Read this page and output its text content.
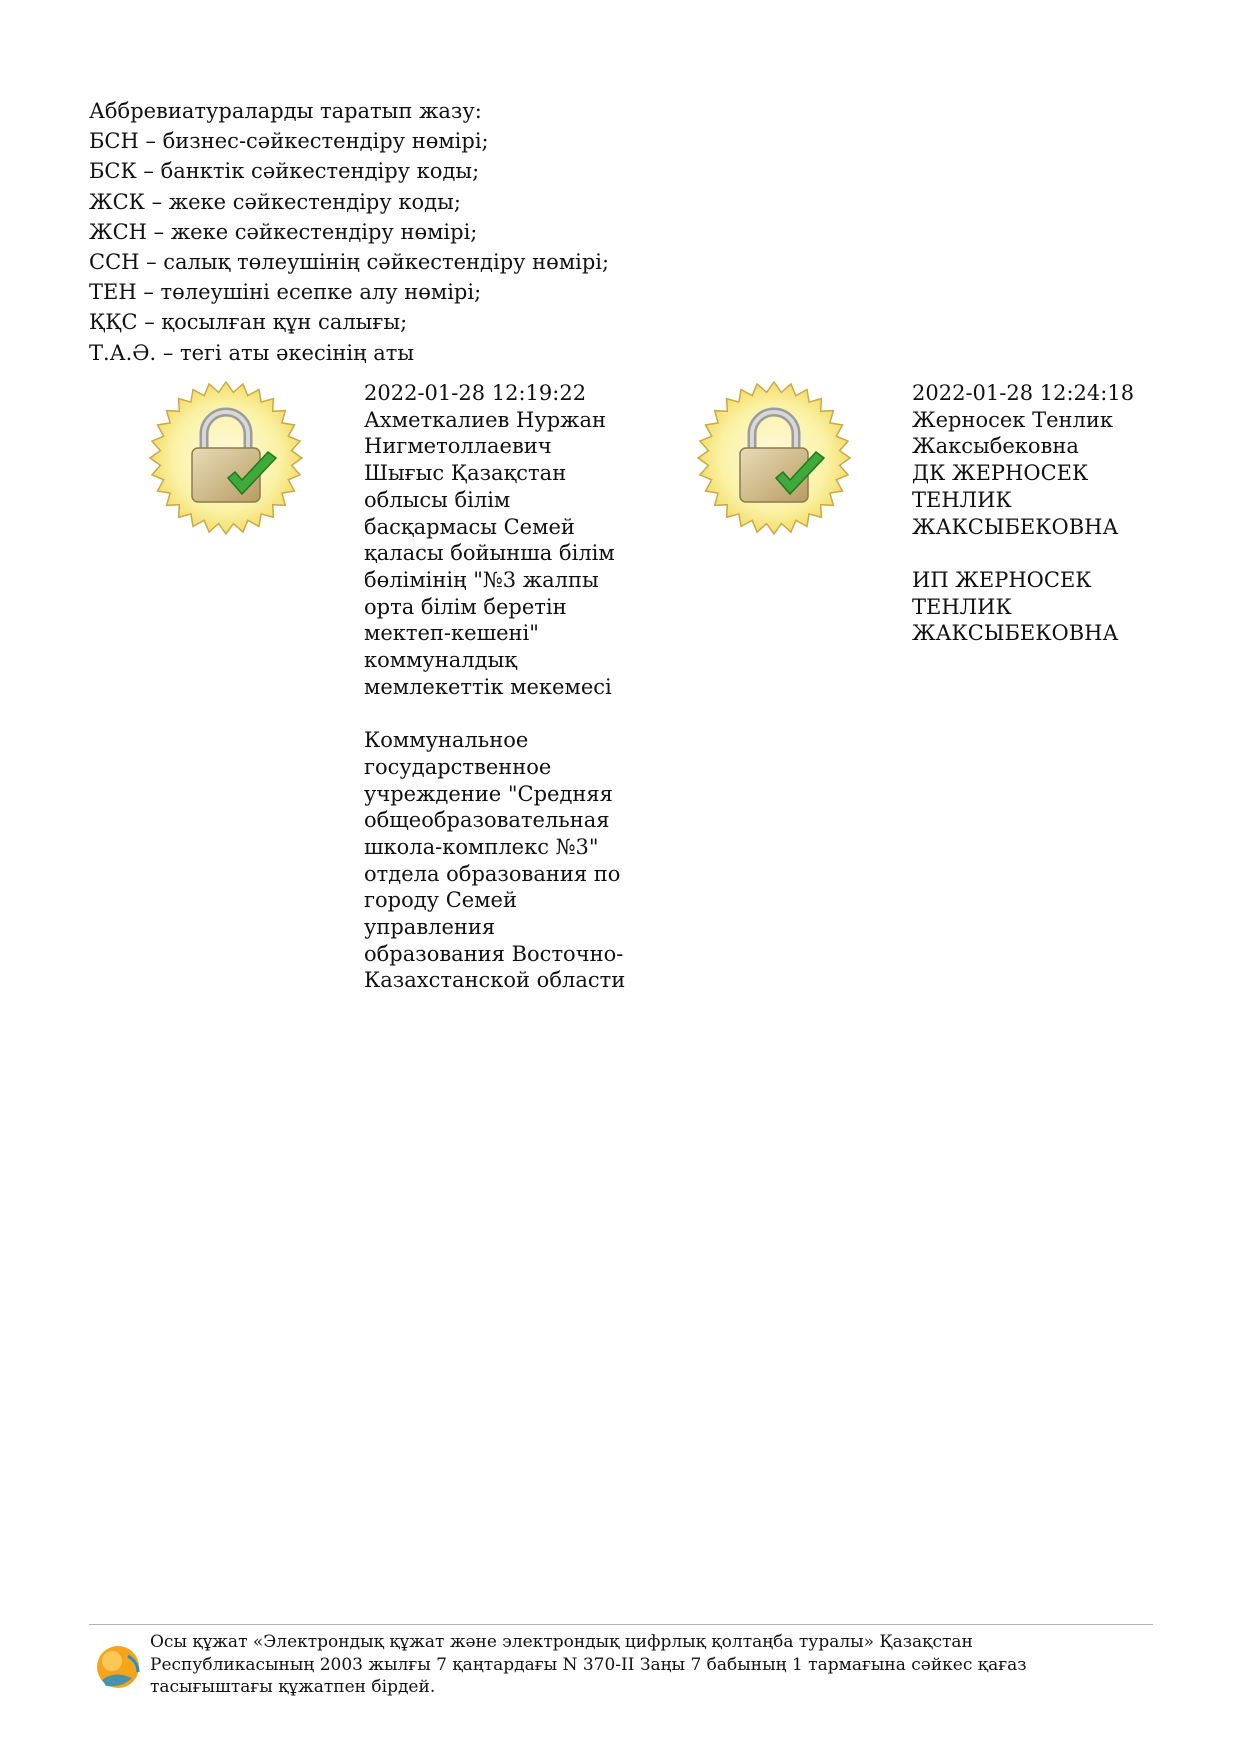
Аббревиатураларды таратып жазу:
БСН – бизнес-сәйкестендіру нөмірі;
БСК – банктік сәйкестендіру коды;
ЖСК – жеке сәйкестендіру коды;
ЖСН – жеке сәйкестендіру нөмірі;
ССН – салық төлеушінің сәйкестендіру нөмірі;
ТЕН – төлеушіні есепке алу нөмірі;
ҚҚС – қосылған құн салығы;
Т.А.Ә. – тегі аты әкесінің аты
2022-01-28 12:19:22
Ахметкалиев Нуржан
Нигметоллаевич
Шығыс Қазақстан
облысы білім
басқармасы Семей
қаласы бойынша білім
бөлімінің "№3 жалпы
орта білім беретін
мектеп-кешені"
коммуналдық
мемлекеттік мекемесі
Коммунальное
государственное
учреждение "Средняя
общеобразовательная
школа-комплекс №3"
отдела образования по
городу Семей
управления
образования Восточно-
Казахстанской области
2022-01-28 12:24:18
Жерносек Тенлик
Жаксыбековна
ДК ЖЕРНОСЕК
ТЕНЛИК
ЖАКСЫБЕКОВНА
ИП ЖЕРНОСЕК
ТЕНЛИК
ЖАКСЫБЕКОВНА
Осы құжат «Электрондық құжат және электрондық цифрлық қолтаңба туралы» Қазақстан
Республикасының 2003 жылғы 7 қаңтардағы N 370-II Заңы 7 бабының 1 тармағына сәйкес қағаз
тасығыштағы құжатпен бірдей.
